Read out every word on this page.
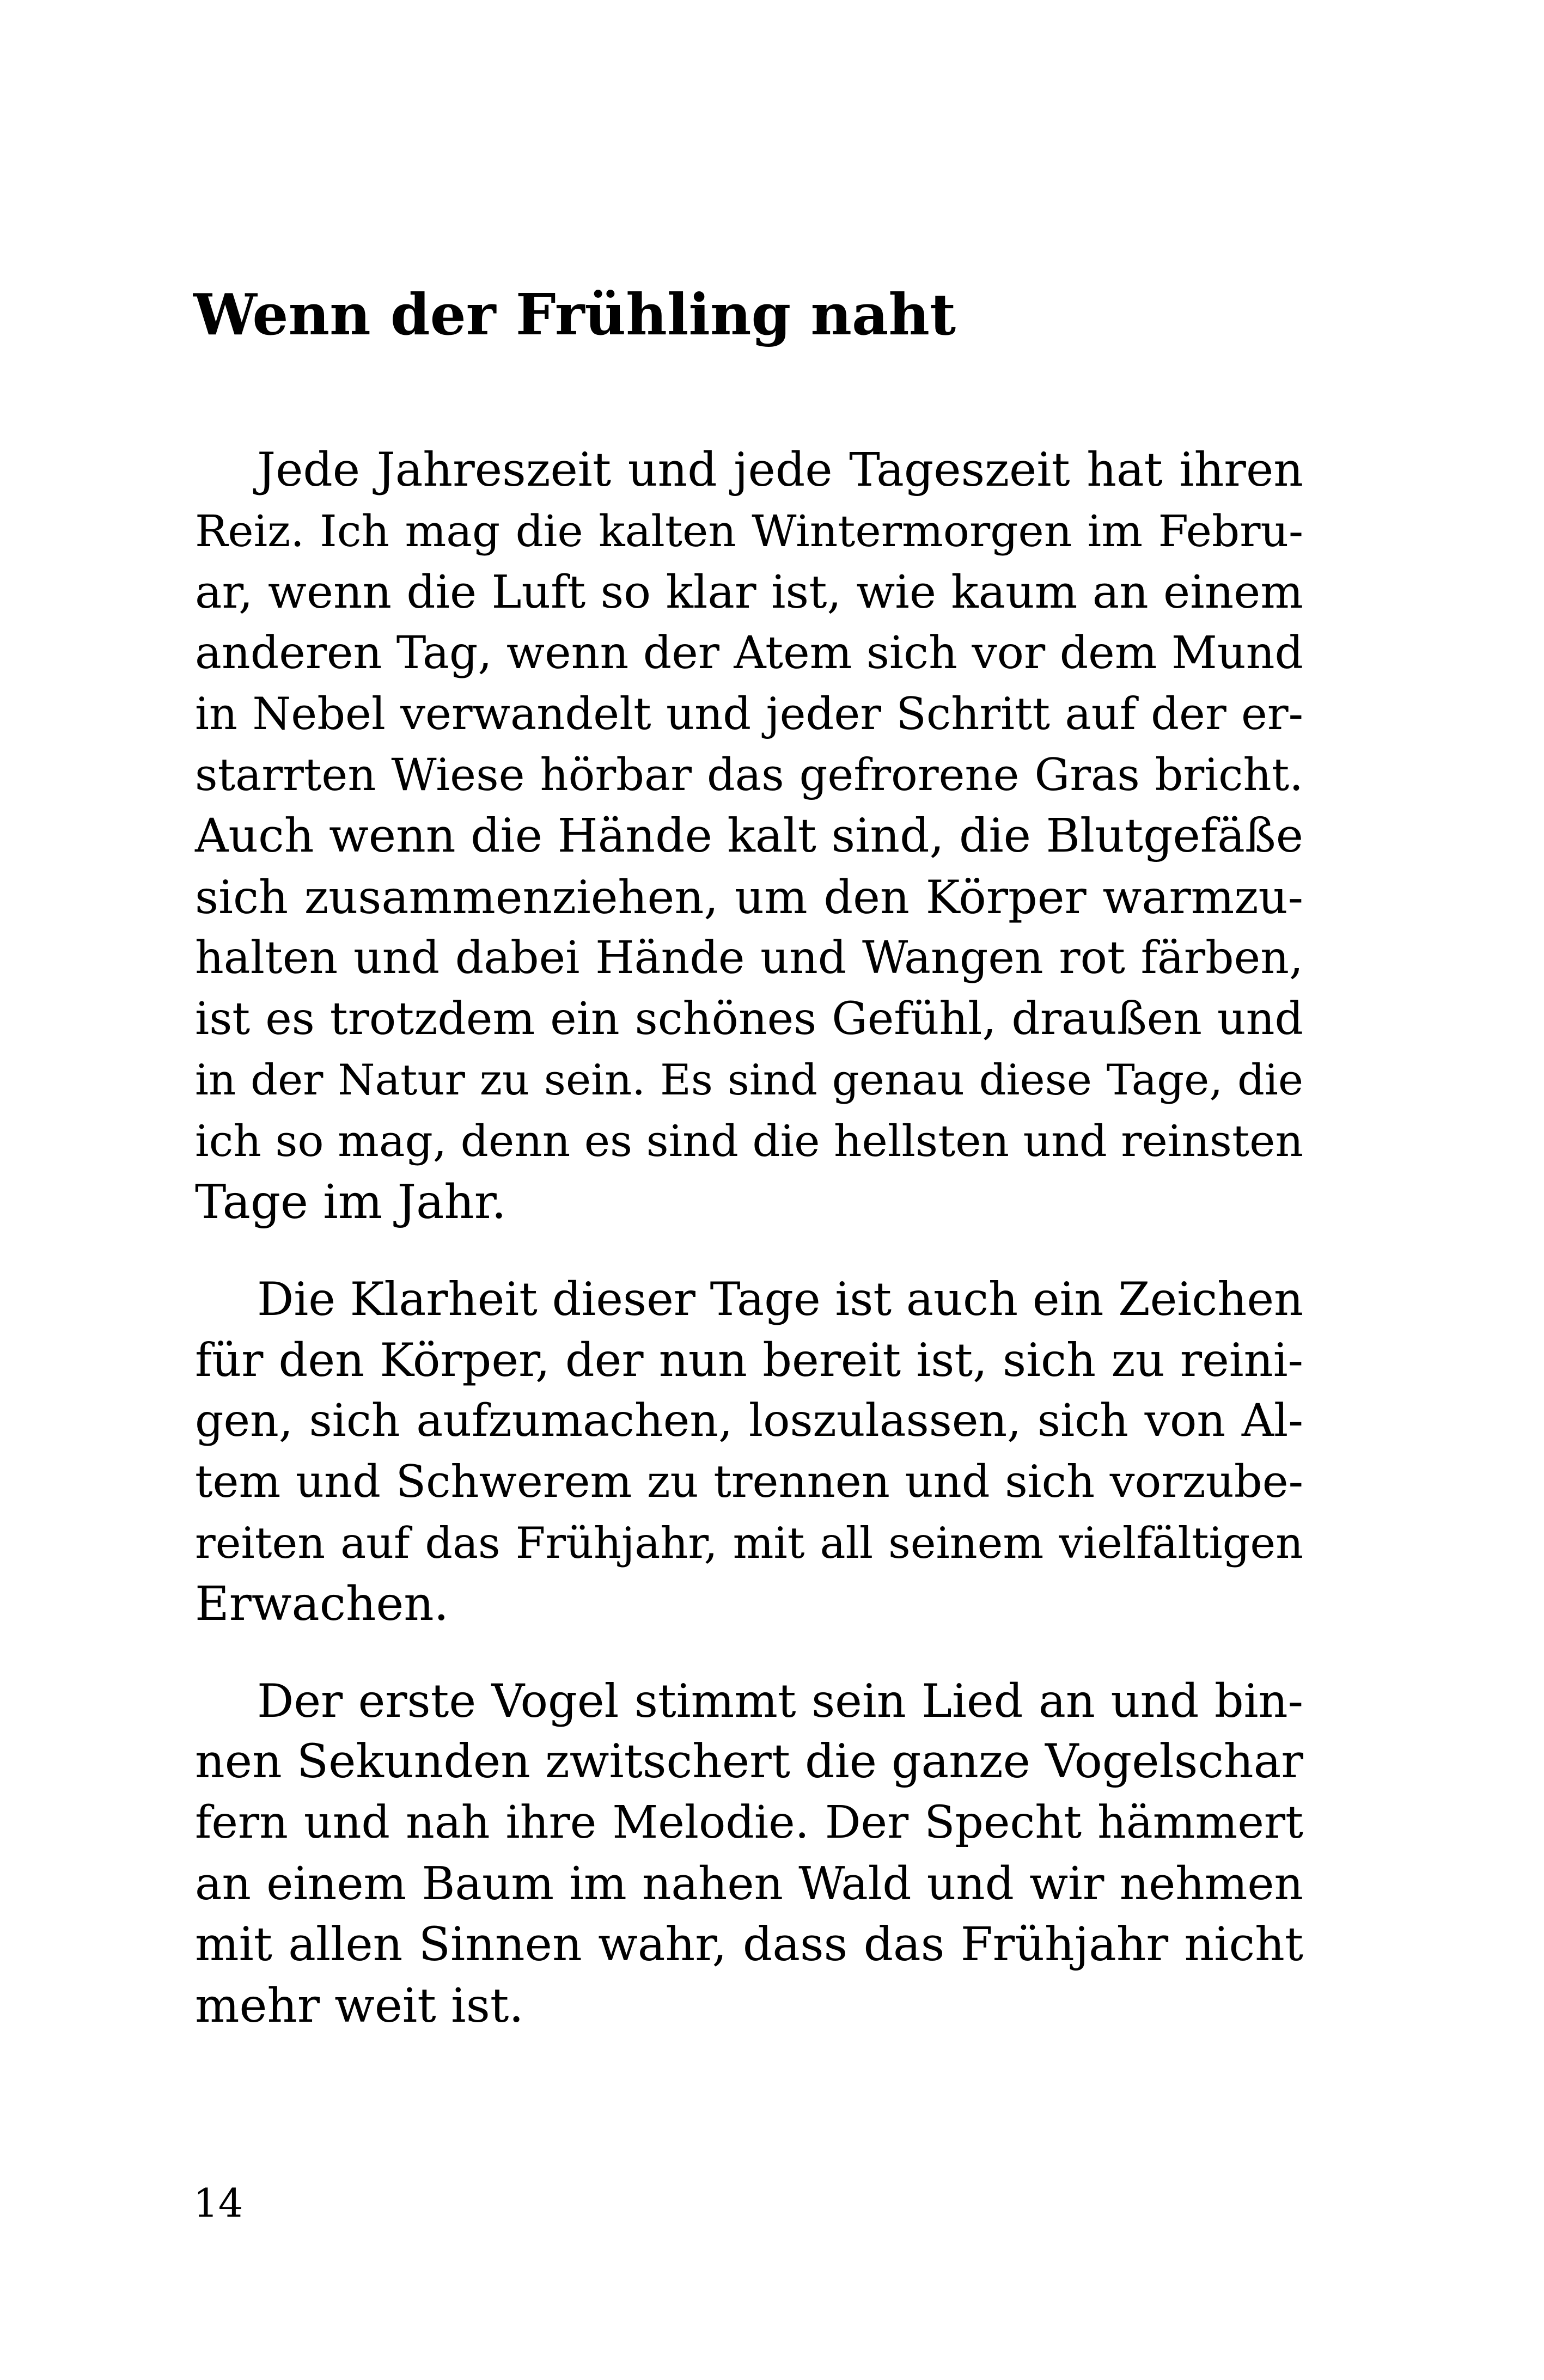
Wenn der Frühling naht
Jede Jahreszeit und jede Tageszeit hat ihren
Reiz. Ich mag die kalten Wintermorgen im Febru-
ar, wenn die Luft so klar ist, wie kaum an einem
anderen Tag, wenn der Atem sich vor dem Mund
in Nebel verwandelt und jeder Schritt auf der er-
starrten Wiese hörbar das gefrorene Gras bricht.
Auch wenn die Hände kalt sind, die Blutgefäße
sich zusammenziehen, um den Körper warmzu-
halten und dabei Hände und Wangen rot färben,
ist es trotzdem ein schönes Gefühl, draußen und
in der Natur zu sein. Es sind genau diese Tage, die
ich so mag, denn es sind die hellsten und reinsten
Tage im Jahr.
Die Klarheit dieser Tage ist auch ein Zeichen
für den Körper, der nun bereit ist, sich zu reini-
gen, sich aufzumachen, loszulassen, sich von Al-
tem und Schwerem zu trennen und sich vorzube-
reiten auf das Frühjahr, mit all seinem vielfältigen
Erwachen.
Der erste Vogel stimmt sein Lied an und bin-
nen Sekunden zwitschert die ganze Vogelschar
fern und nah ihre Melodie. Der Specht hämmert
an einem Baum im nahen Wald und wir nehmen
mit allen Sinnen wahr, dass das Frühjahr nicht
mehr weit ist.
14
